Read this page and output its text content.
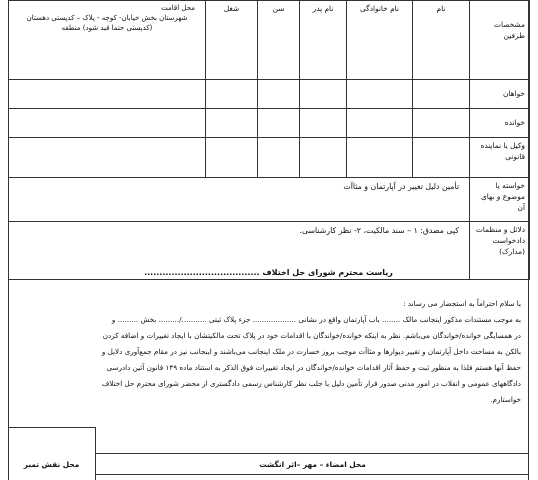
مشخصات طرفین	نام	نام خانوادگی	نام پدر	سن	شغل	محل اقامت
شهرستان بخش خیابان- کوچه - پلاک – کدپستی دهستان (کدپستی حتما قید شود) منطقه

خواهان						
خوانده						
وکیل یا نماینده قانونی						
خواسته یا موضوع و بهای آن	تأمین دلیل تغییر در آپارتمان و مثاآت					
دلائل و منظمات دادخواست (مدارک)	کپی مصدق: ۱ – سند مالکیت، ۲- نظر کارشناسی.					
ریاست محترم شورای حل اختلاف ......................................

با سلام احتراماً به استحضار می رساند :

به موجب مستندات مذکور اینجانب مالک ........ باب آپارتمان واقع در نشانی ................... جزء پلاک ثبتی .........../......... بخش ......... و

در همسایگی خوانده/خواندگان می‌باشم. نظر به اینکه خوانده/خواندگان با اقدامات خود در پلاک تحت مالکیتشان با ایجاد تغییرات و اضافه کردن

بالکن به مساحت داخل آپارتمان و تغییر دیوارها و مثاآت موجب بروز خسارت در ملک اینجانب می‌باشند و اینجانب نیز در مقام جمع‌آوری دلایل و

حفظ آنها هستم فلذا به منظور ثبت و حفظ آثار اقدامات خوانده/خواندگان در ایجاد تغییرات فوق الذکر به استناد ماده ۱۴۹ قانون آئین دادرسی

دادگاههای عمومی و انقلاب در امور مدنی صدور قرار تأمین دلیل با جلب نظر کارشناس رسمی دادگستری از محضر شورای محترم حل اختلاف

خواستارم.

محل نقش تمبر	محل امضاء – مهر –اثر انگشت
